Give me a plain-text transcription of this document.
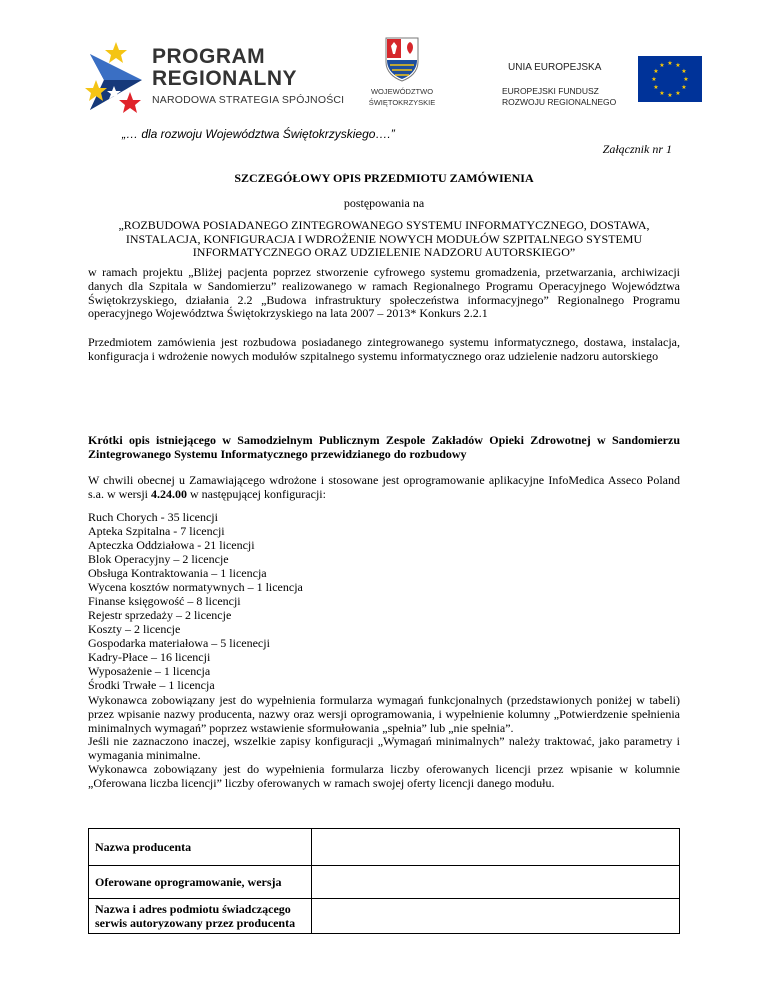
PROGRAM
REGIONALNY
NARODOWA STRATEGIA SPÓJNOŚCI
WOJEWÓDZTWO
ŚWIĘTOKRZYSKIE
UNIA EUROPEJSKA
EUROPEJSKI FUNDUSZ
ROZWOJU REGIONALNEGO
★ ★
★
★
★
★
★
★
★
★
★
★
„… dla rozwoju Województwa Świętokrzyskiego….”
Załącznik nr 1
SZCZEGÓŁOWY OPIS PRZEDMIOTU ZAMÓWIENIA
postępowania na
„ROZBUDOWA POSIADANEGO ZINTEGROWANEGO SYSTEMU INFORMATYCZNEGO, DOSTAWA, INSTALACJA, KONFIGURACJA I WDROŻENIE NOWYCH MODUŁÓW SZPITALNEGO SYSTEMU INFORMATYCZNEGO ORAZ UDZIELENIE NADZORU AUTORSKIEGO”
w ramach projektu „Bliżej pacjenta poprzez stworzenie cyfrowego systemu gromadzenia, przetwarzania, archiwizacji danych dla Szpitala w Sandomierzu” realizowanego w ramach Regionalnego Programu Operacyjnego Województwa Świętokrzyskiego, działania 2.2 „Budowa infrastruktury społeczeństwa informacyjnego” Regionalnego Programu operacyjnego Województwa Świętokrzyskiego na lata 2007 – 2013* Konkurs 2.2.1
Przedmiotem zamówienia jest rozbudowa posiadanego zintegrowanego systemu informatycznego, dostawa, instalacja, konfiguracja i wdrożenie nowych modułów szpitalnego systemu informatycznego oraz udzielenie nadzoru autorskiego
Krótki opis istniejącego w Samodzielnym Publicznym Zespole Zakładów Opieki Zdrowotnej w Sandomierzu Zintegrowanego Systemu Informatycznego przewidzianego do rozbudowy
W chwili obecnej u Zamawiającego wdrożone i stosowane jest oprogramowanie aplikacyjne InfoMedica Asseco Poland s.a. w wersji 4.24.00 w następującej konfiguracji:
Ruch Chorych - 35 licencji
Apteka Szpitalna - 7 licencji
Apteczka Oddziałowa - 21 licencji
Blok Operacyjny – 2 licencje
Obsługa Kontraktowania – 1 licencja
Wycena kosztów normatywnych – 1 licencja
Finanse księgowość – 8 licencji
Rejestr sprzedaży – 2 licencje
Koszty – 2 licencje
Gospodarka materiałowa – 5 licenecji
Kadry-Płace – 16 licencji
Wyposażenie – 1 licencja
Środki Trwałe – 1 licencja
Wykonawca zobowiązany jest do wypełnienia formularza wymagań funkcjonalnych (przedstawionych poniżej w tabeli) przez wpisanie nazwy producenta, nazwy oraz wersji oprogramowania, i wypełnienie kolumny „Potwierdzenie spełnienia minimalnych wymagań” poprzez wstawienie sformułowania „spełnia” lub „nie spełnia”.
Jeśli nie zaznaczono inaczej, wszelkie zapisy konfiguracji „Wymagań minimalnych” należy traktować, jako parametry i wymagania minimalne.
Wykonawca zobowiązany jest do wypełnienia formularza liczby oferowanych licencji przez wpisanie w kolumnie „Oferowana liczba licencji” liczby oferowanych w ramach swojej oferty licencji danego modułu.
Nazwa producenta	
Oferowane oprogramowanie, wersja	
Nazwa i adres podmiotu świadczącego serwis autoryzowany przez producenta	
